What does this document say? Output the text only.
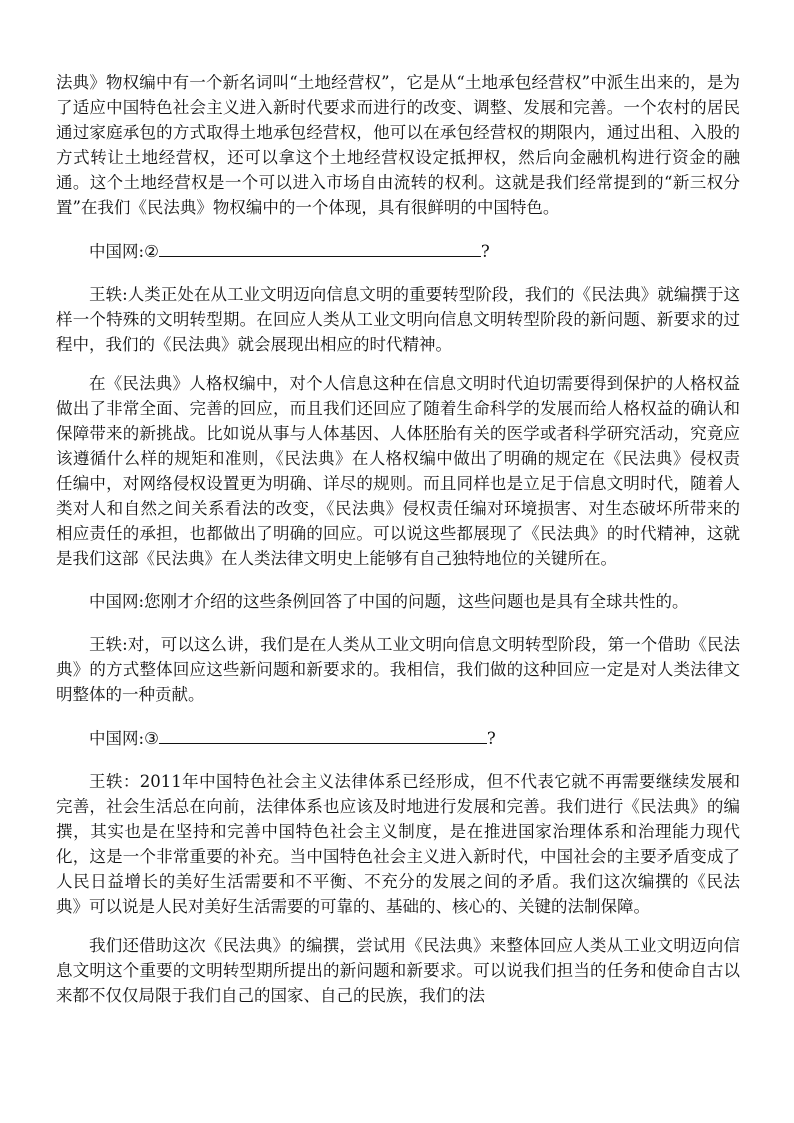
法典》物权编中有一个新名词叫“土地经营权”，它是从“土地承包经营权”中派生出来的，是为了适应中国特色社会主义进入新时代要求而进行的改变、调整、发展和完善。一个农村的居民通过家庭承包的方式取得土地承包经营权，他可以在承包经营权的期限内，通过出租、入股的方式转让土地经营权，还可以拿这个土地经营权设定抵押权，然后向金融机构进行资金的融通。这个土地经营权是一个可以进入市场自由流转的权利。这就是我们经常提到的“新三权分置”在我们《民法典》物权编中的一个体现，具有很鲜明的中国特色。

中国网:②	?

王轶:人类正处在从工业文明迈向信息文明的重要转型阶段，我们的《民法典》就编撰于这样一个特殊的文明转型期。在回应人类从工业文明向信息文明转型阶段的新问题、新要求的过程中，我们的《民法典》就会展现出相应的时代精神。

在《民法典》人格权编中，对个人信息这种在信息文明时代迫切需要得到保护的人格权益做出了非常全面、完善的回应，而且我们还回应了随着生命科学的发展而给人格权益的确认和保障带来的新挑战。比如说从事与人体基因、人体胚胎有关的医学或者科学研究活动，究竟应该遵循什么样的规矩和准则，《民法典》在人格权编中做出了明确的规定在《民法典》侵权责任编中，对网络侵权设置更为明确、详尽的规则。而且同样也是立足于信息文明时代，随着人类对人和自然之间关系看法的改变，《民法典》侵权责任编对环境损害、对生态破坏所带来的相应责任的承担，也都做出了明确的回应。可以说这些都展现了《民法典》的时代精神，这就是我们这部《民法典》在人类法律文明史上能够有自己独特地位的关键所在。

中国网:您刚才介绍的这些条例回答了中国的问题，这些问题也是具有全球共性的。

王轶:对，可以这么讲，我们是在人类从工业文明向信息文明转型阶段，第一个借助《民法典》的方式整体回应这些新问题和新要求的。我相信，我们做的这种回应一定是对人类法律文明整体的一种贡献。

中国网:③	?

王轶：2011年中国特色社会主义法律体系已经形成，但不代表它就不再需要继续发展和完善，社会生活总在向前，法律体系也应该及时地进行发展和完善。我们进行《民法典》的编撰，其实也是在坚持和完善中国特色社会主义制度，是在推进国家治理体系和治理能力现代化，这是一个非常重要的补充。当中国特色社会主义进入新时代，中国社会的主要矛盾变成了人民日益增长的美好生活需要和不平衡、不充分的发展之间的矛盾。我们这次编撰的《民法典》可以说是人民对美好生活需要的可靠的、基础的、核心的、关键的法制保障。

我们还借助这次《民法典》的编撰，尝试用《民法典》来整体回应人类从工业文明迈向信息文明这个重要的文明转型期所提出的新问题和新要求。可以说我们担当的任务和使命自古以来都不仅仅局限于我们自己的国家、自己的民族，我们的法
